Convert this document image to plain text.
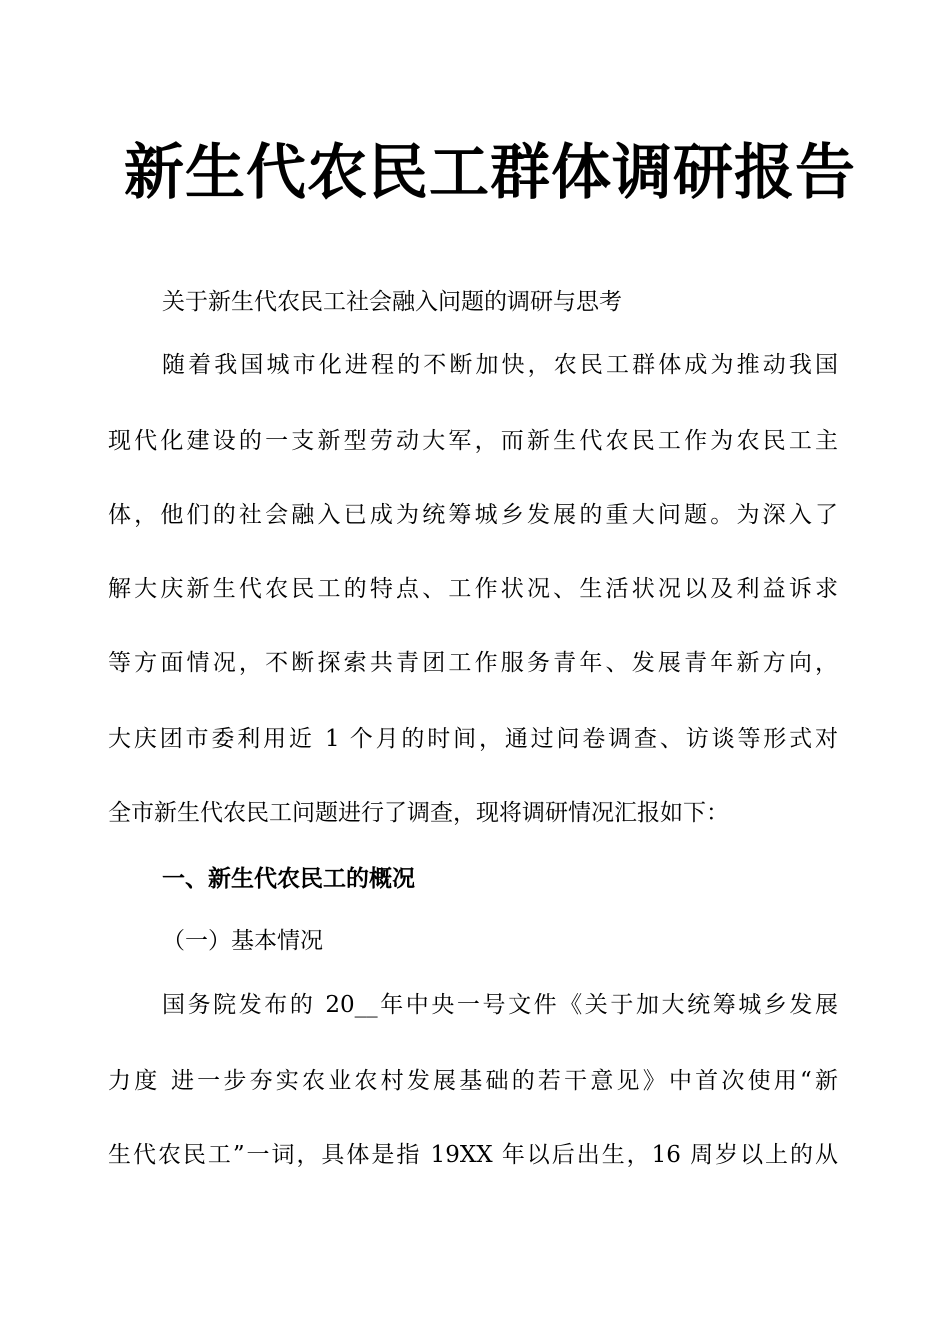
新生代农民工群体调研报告
关于新生代农民工社会融入问题的调研与思考
随着我国城市化进程的不断加快，农民工群体成为推动我国
现代化建设的一支新型劳动大军，而新生代农民工作为农民工主
体，他们的社会融入已成为统筹城乡发展的重大问题。为深入了
解大庆新生代农民工的特点、工作状况、生活状况以及利益诉求
等方面情况，不断探索共青团工作服务青年、发展青年新方向，
大庆团市委利用近 1 个月的时间，通过问卷调查、访谈等形式对
全市新生代农民工问题进行了调查，现将调研情况汇报如下：
一、新生代农民工的概况
（一）基本情况
国务院发布的 20__年中央一号文件《关于加大统筹城乡发展
力度 进一步夯实农业农村发展基础的若干意见》中首次使用“新
生代农民工”一词，具体是指 19XX 年以后出生，16 周岁以上的从
